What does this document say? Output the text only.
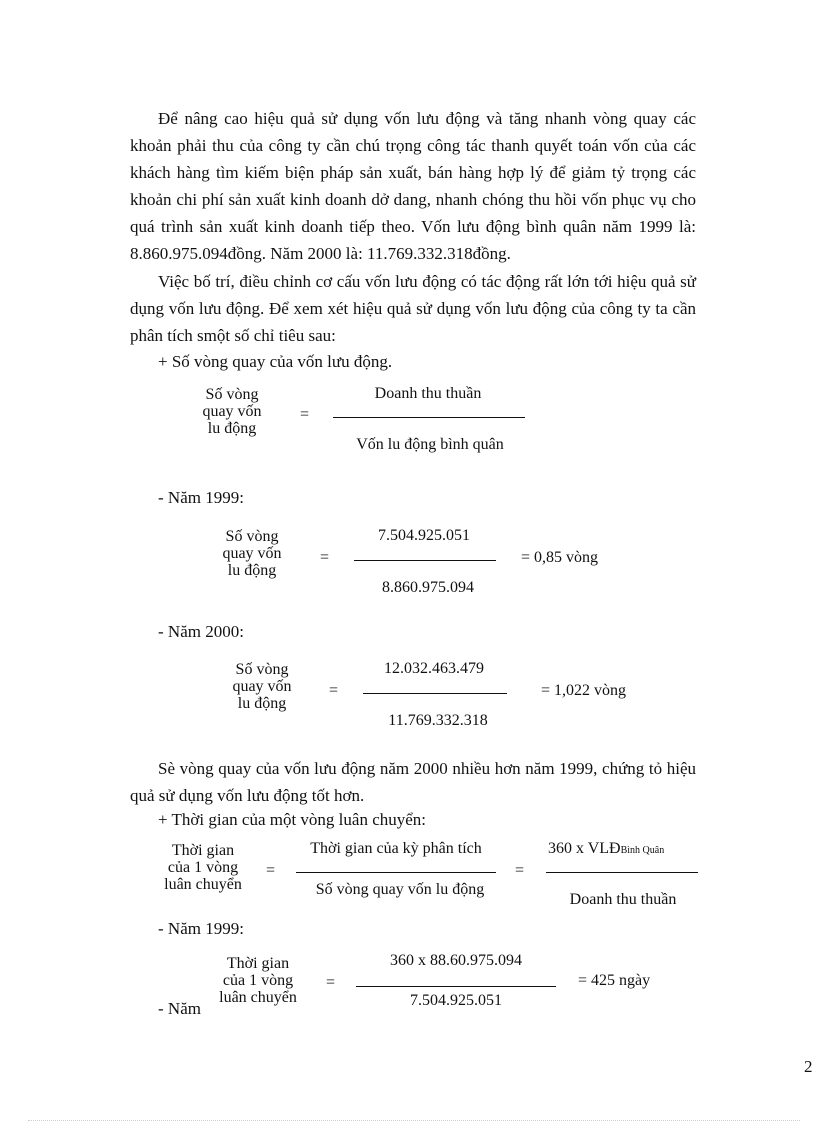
Để nâng cao hiệu quả sử dụng vốn lưu động và tăng nhanh vòng quay các khoản phải thu của công ty cần chú trọng công tác thanh quyết toán vốn của các khách hàng tìm kiếm biện pháp sản xuất, bán hàng hợp lý để giảm tỷ trọng các khoản chi phí sản xuất kinh doanh dở dang, nhanh chóng thu hồi vốn phục vụ cho quá trình sản xuất kinh doanh tiếp theo. Vốn lưu động bình quân năm 1999 là: 8.860.975.094đồng. Năm 2000 là: 11.769.332.318đồng.
Việc bố trí, điều chỉnh cơ cấu vốn lưu động có tác động rất lớn tới hiệu quả sử dụng vốn lưu động. Để xem xét hiệu quả sử dụng vốn lưu động của công ty ta cần phân tích smột số chỉ tiêu sau:
+ Số vòng quay của vốn lưu động.
Số vòng
quay vốn
lu động
=
Doanh thu thuần
Vốn lu động bình quân
- Năm 1999:
Số vòng
quay vốn
lu động
=
7.504.925.051
8.860.975.094
= 0,85 vòng
- Năm 2000:
Số vòng
quay vốn
lu động
=
12.032.463.479
11.769.332.318
= 1,022 vòng
Sè vòng quay của vốn lưu động năm 2000 nhiều hơn năm 1999, chứng tỏ hiệu quả sử dụng vốn lưu động tốt hơn.
+ Thời gian của một vòng luân chuyển:
Thời gian
của 1 vòng
luân chuyển
=
Thời gian của kỳ phân tích
Số vòng quay vốn lu động
=
360 x VLĐBình Quân
Doanh thu thuần
- Năm 1999:
Thời gian
của 1 vòng
luân chuyển
=
360 x 88.60.975.094
7.504.925.051
= 425 ngày
- Năm
2
